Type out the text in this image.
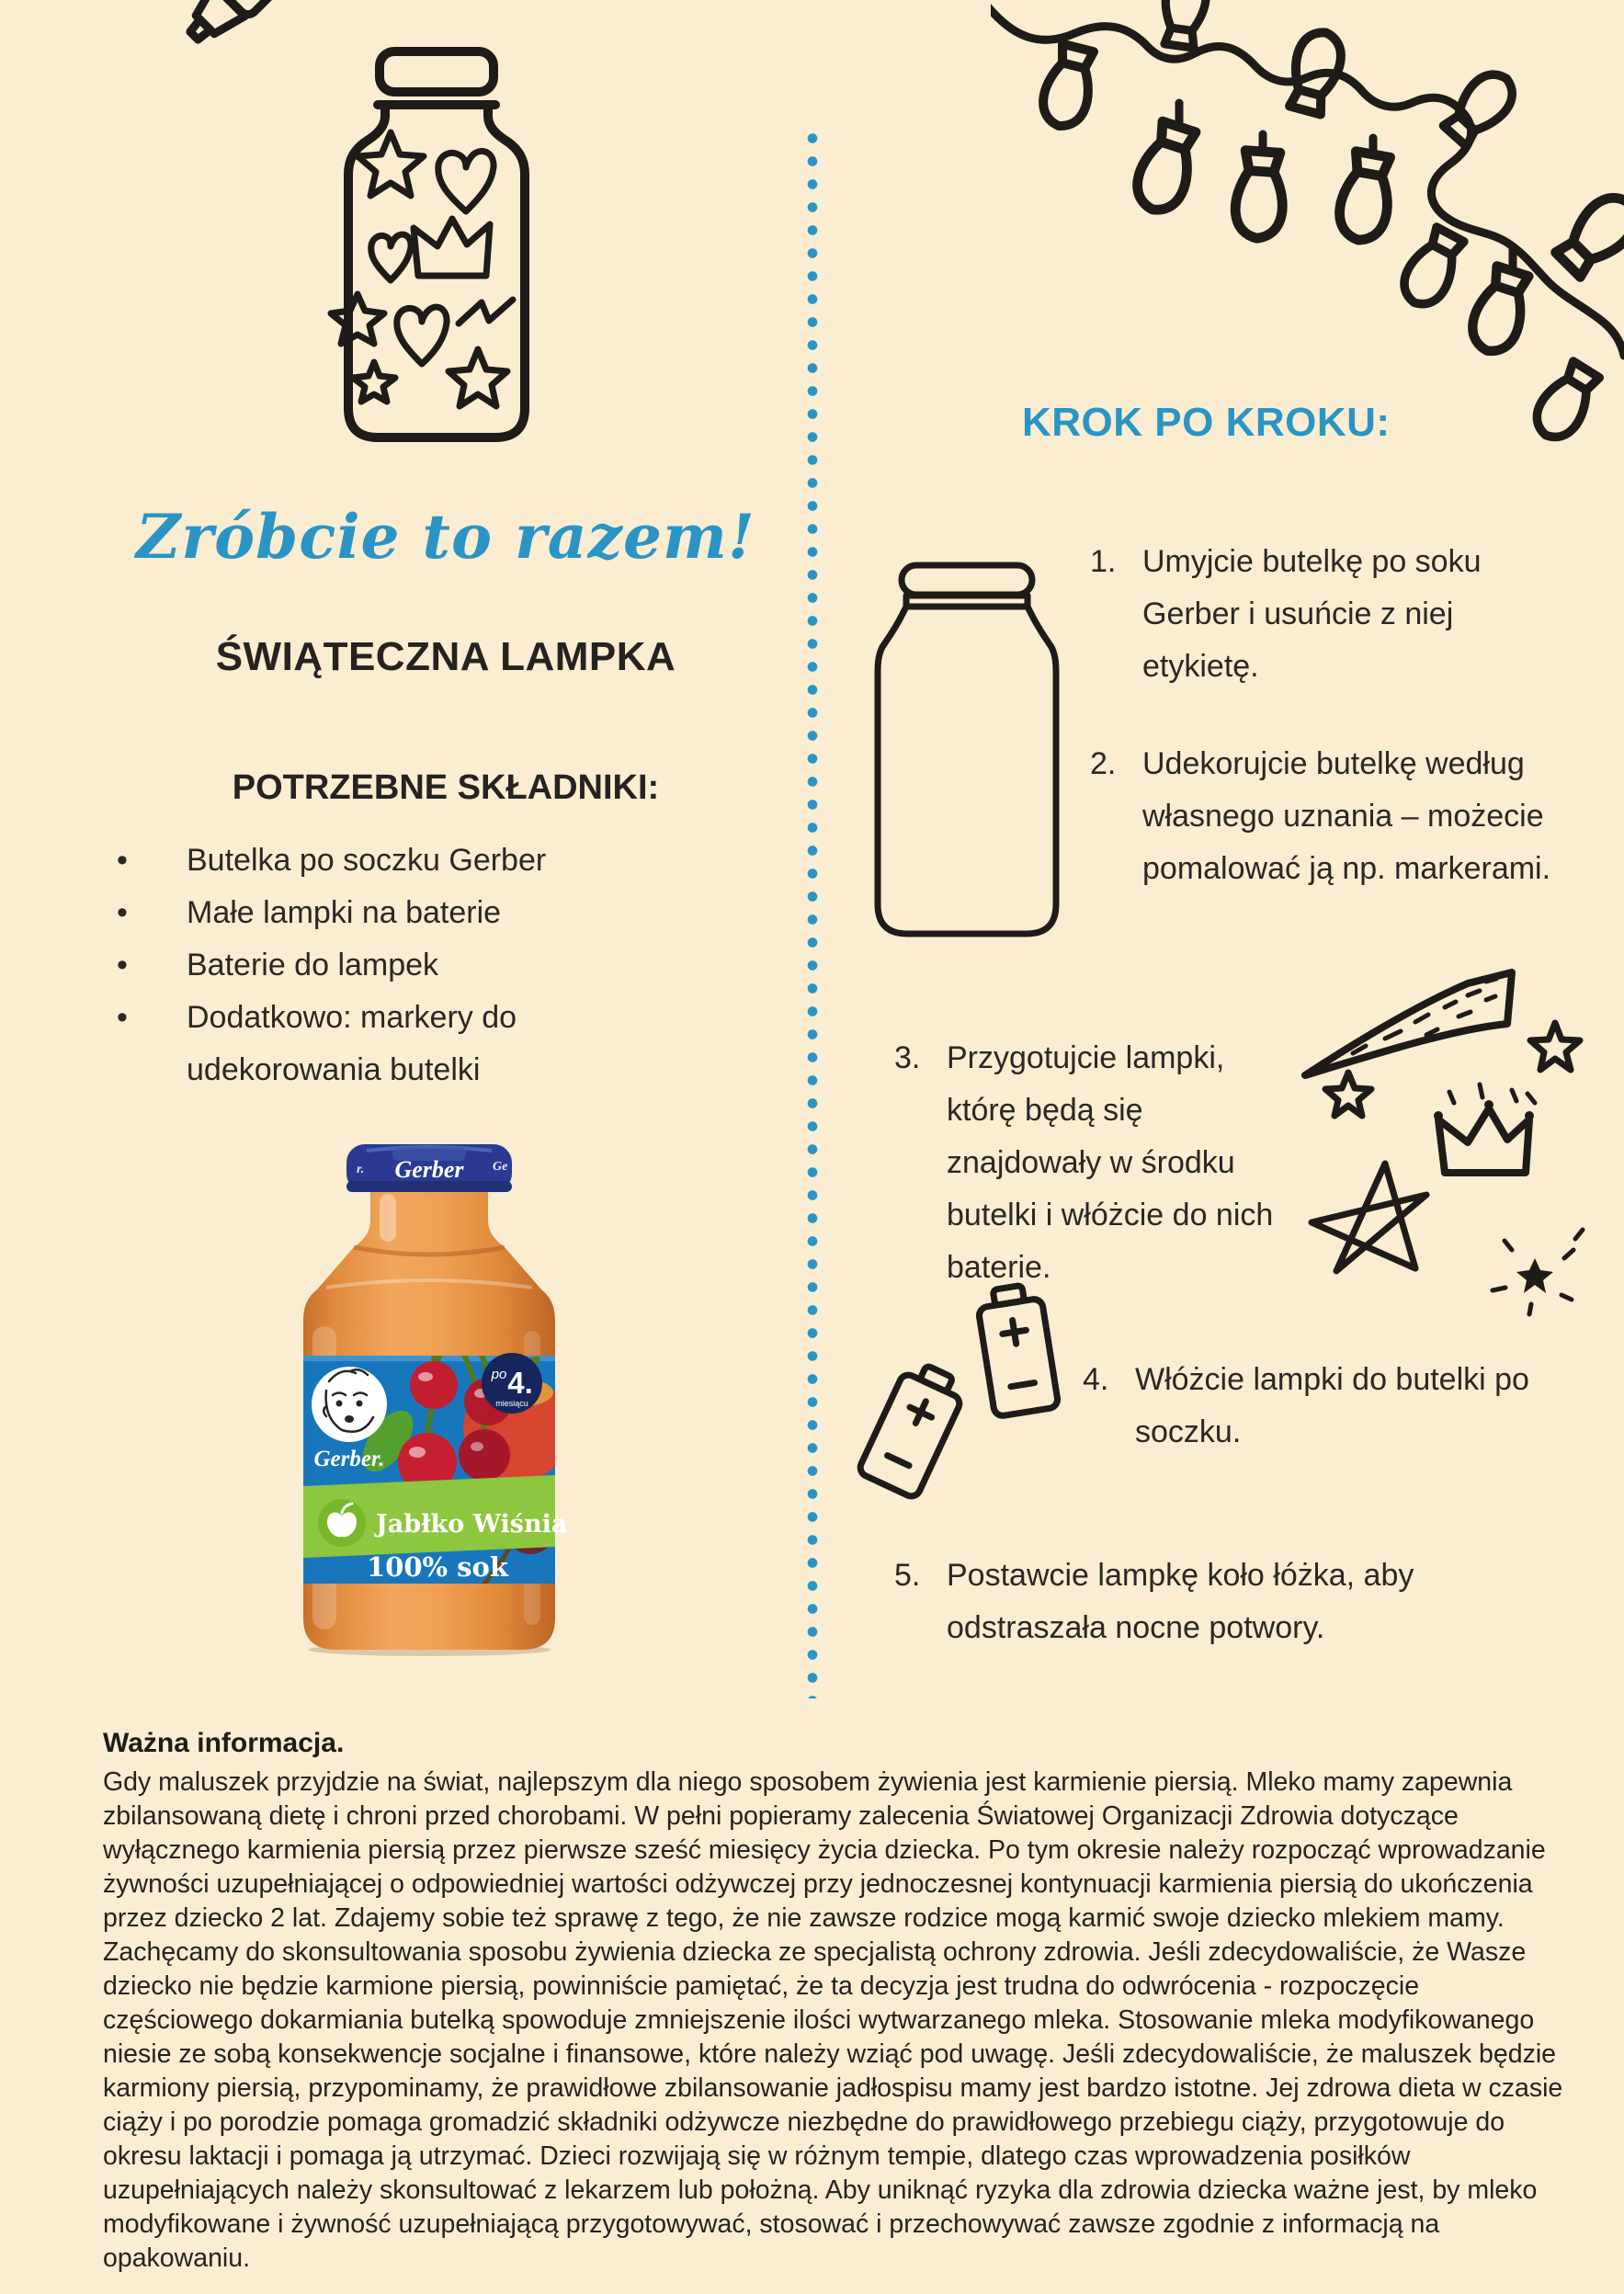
Zróbcie to razem!
ŚWIĄTECZNA LAMPKA
POTRZEBNE SKŁADNIKI:
• Butelka po soczku Gerber
• Małe lampki na baterie
• Baterie do lampek
• Dodatkowo: markery do udekorowania butelki
Gerber.
po 4.
miesiącu
Jabłko Wiśnia
100% sok
Gerber
r.	Ge
KROK PO KROKU:
1. Umyjcie butelkę po soku Gerber i usuńcie z niej etykietę.
2. Udekorujcie butelkę według własnego uznania – możecie pomalować ją np. markerami.
3. Przygotujcie lampki, którę będą się znajdowały w środku butelki i włóżcie do nich baterie.
4. Włóżcie lampki do butelki po soczku.
5. Postawcie lampkę koło łóżka, aby odstraszała nocne potwory.
Ważna informacja.
Gdy maluszek przyjdzie na świat, najlepszym dla niego sposobem żywienia jest karmienie piersią. Mleko mamy zapewnia zbilansowaną dietę i chroni przed chorobami. W pełni popieramy zalecenia Światowej Organizacji Zdrowia dotyczące wyłącznego karmienia piersią przez pierwsze sześć miesięcy życia dziecka. Po tym okresie należy rozpocząć wprowadzanie żywności uzupełniającej o odpowiedniej wartości odżywczej przy jednoczesnej kontynuacji karmienia piersią do ukończenia przez dziecko 2 lat. Zdajemy sobie też sprawę z tego, że nie zawsze rodzice mogą karmić swoje dziecko mlekiem mamy. Zachęcamy do skonsultowania sposobu żywienia dziecka ze specjalistą ochrony zdrowia. Jeśli zdecydowaliście, że Wasze dziecko nie będzie karmione piersią, powinniście pamiętać, że ta decyzja jest trudna do odwrócenia - rozpoczęcie częściowego dokarmiania butelką spowoduje zmniejszenie ilości wytwarzanego mleka. Stosowanie mleka modyfikowanego niesie ze sobą konsekwencje socjalne i finansowe, które należy wziąć pod uwagę. Jeśli zdecydowaliście, że maluszek będzie karmiony piersią, przypominamy, że prawidłowe zbilansowanie jadłospisu mamy jest bardzo istotne. Jej zdrowa dieta w czasie ciąży i po porodzie pomaga gromadzić składniki odżywcze niezbędne do prawidłowego przebiegu ciąży, przygotowuje do okresu laktacji i pomaga ją utrzymać. Dzieci rozwijają się w różnym tempie, dlatego czas wprowadzenia posiłków uzupełniających należy skonsultować z lekarzem lub położną. Aby uniknąć ryzyka dla zdrowia dziecka ważne jest, by mleko modyfikowane i żywność uzupełniającą przygotowywać, stosować i przechowywać zawsze zgodnie z informacją na opakowaniu.
